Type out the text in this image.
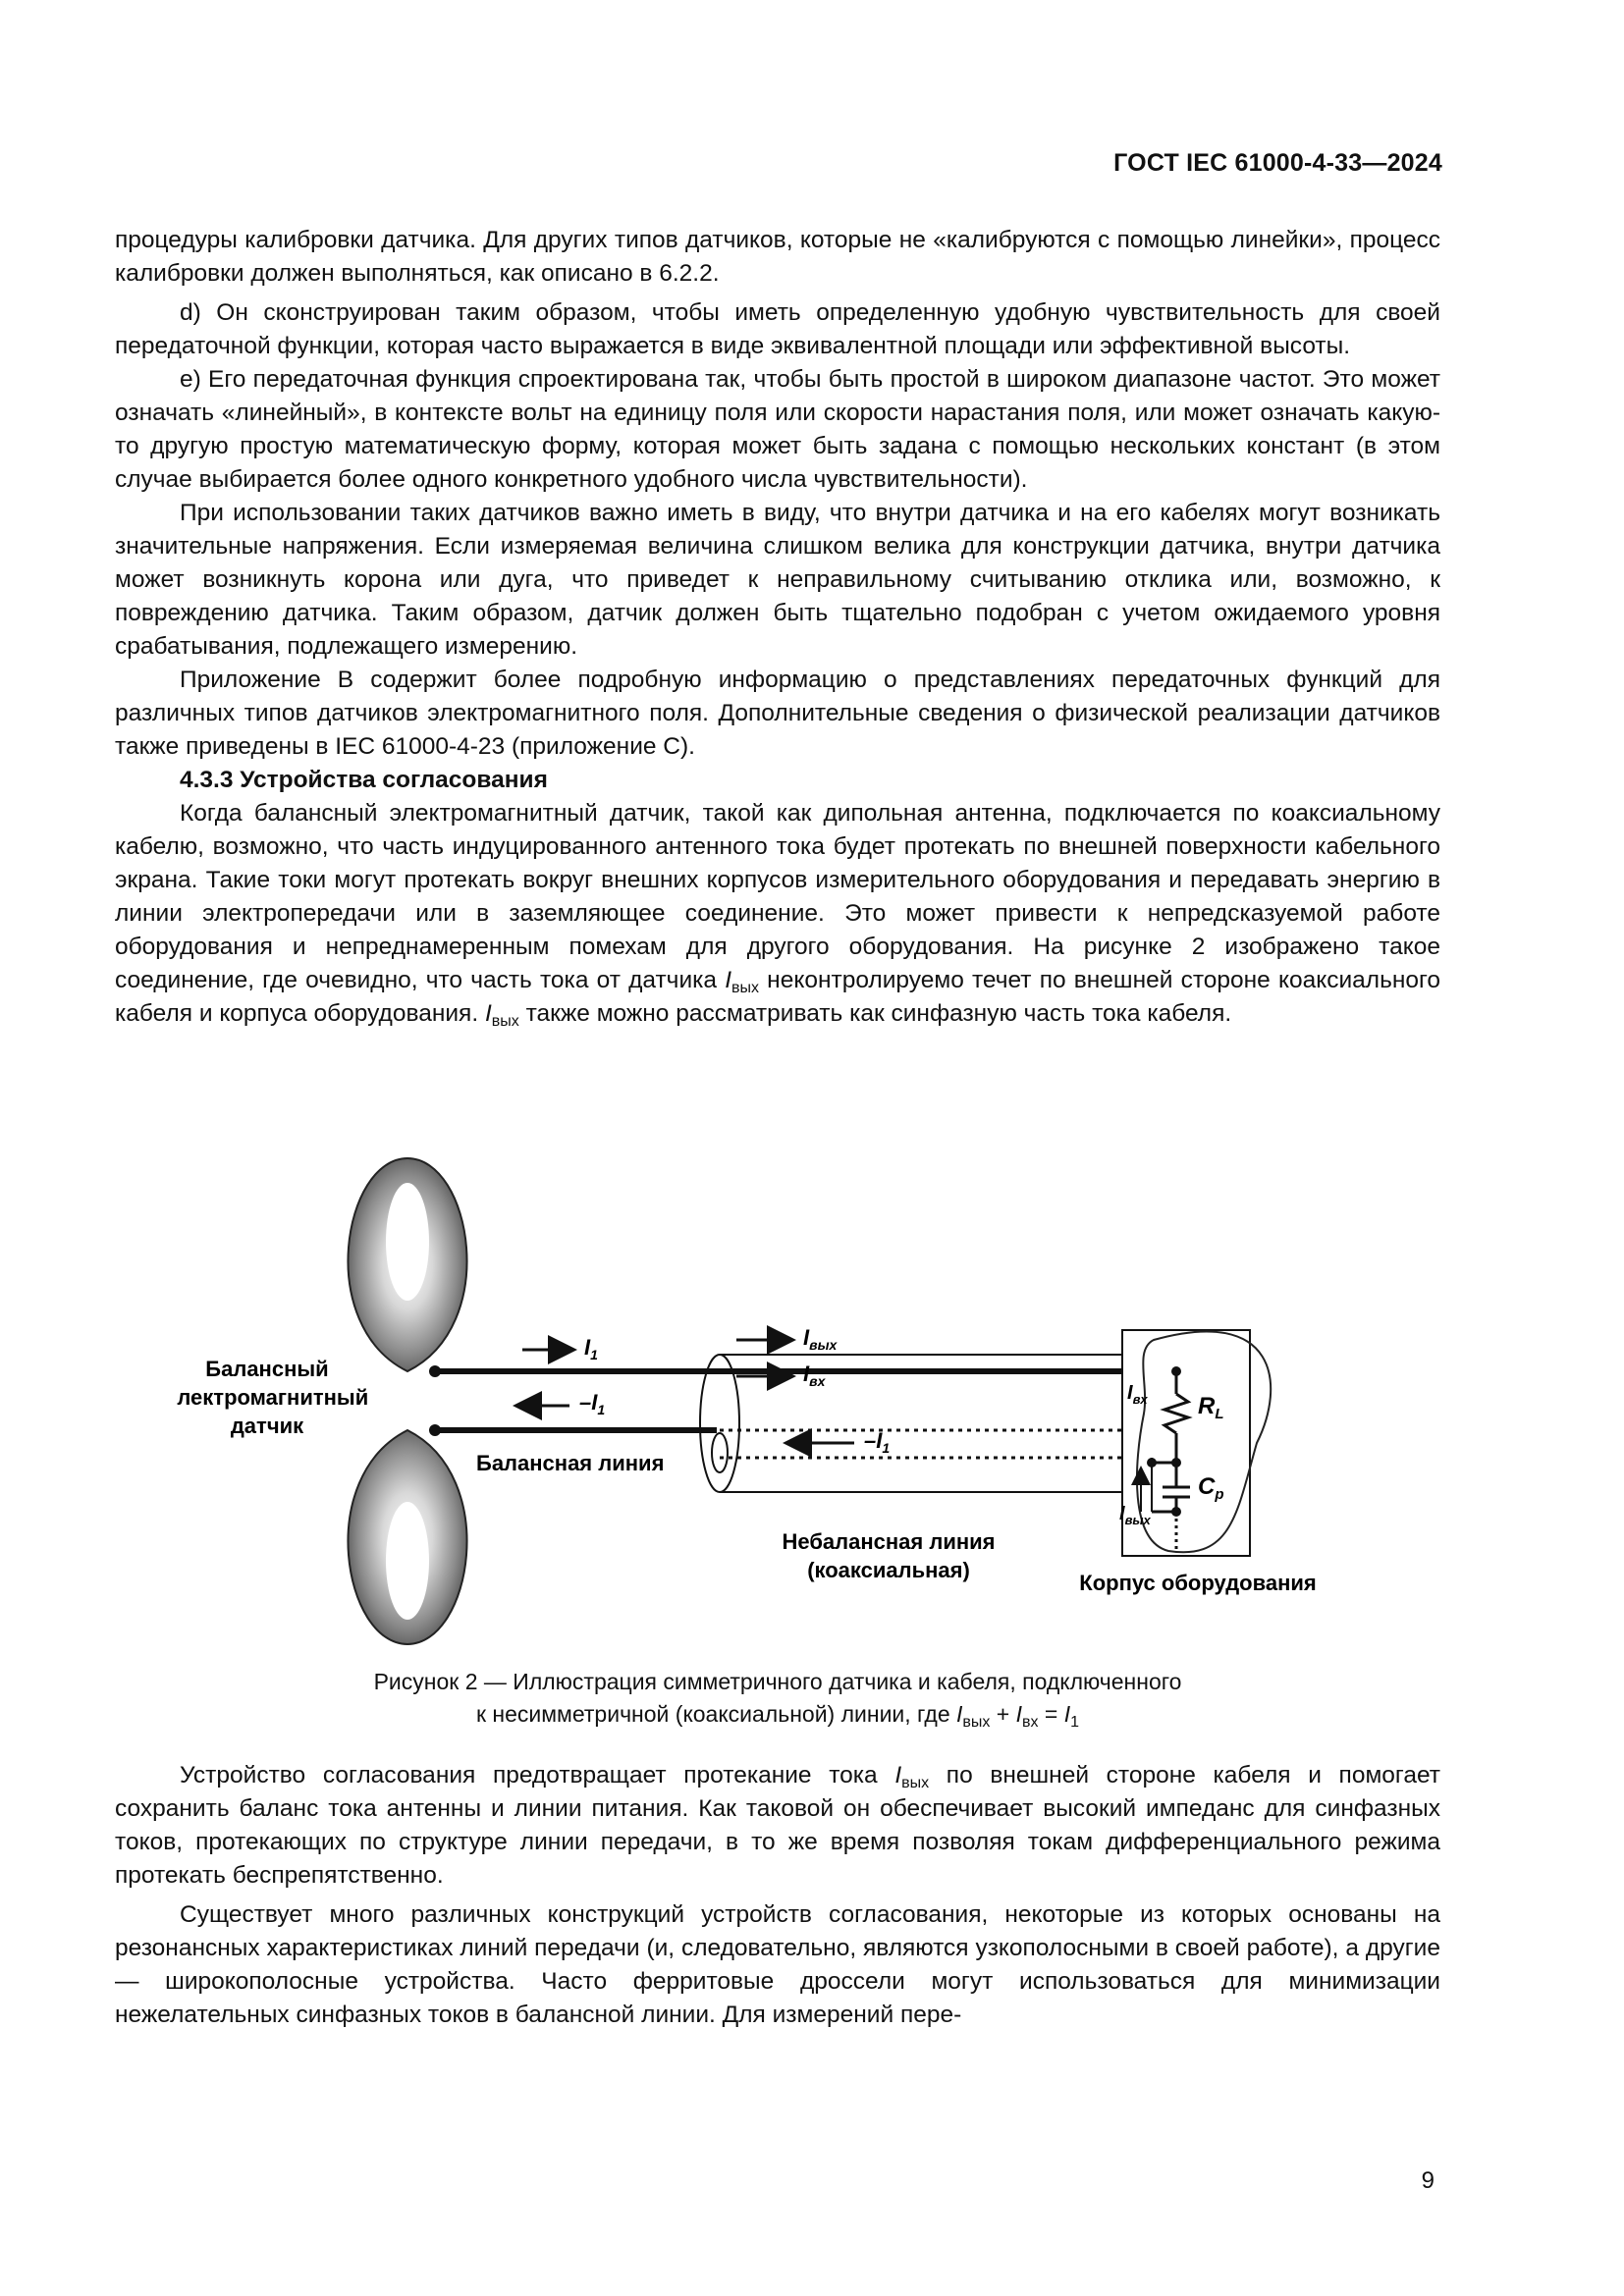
ГОСТ IEC 61000-4-33—2024

процедуры калибровки датчика. Для других типов датчиков, которые не «калибруются с помощью линейки», процесс калибровки должен выполняться, как описано в 6.2.2.

d) Он сконструирован таким образом, чтобы иметь определенную удобную чувствительность для своей передаточной функции, которая часто выражается в виде эквивалентной площади или эффективной высоты.

e) Его передаточная функция спроектирована так, чтобы быть простой в широком диапазоне частот. Это может означать «линейный», в контексте вольт на единицу поля или скорости нарастания поля, или может означать какую-то другую простую математическую форму, которая может быть задана с помощью нескольких констант (в этом случае выбирается более одного конкретного удобного числа чувствительности).

При использовании таких датчиков важно иметь в виду, что внутри датчика и на его кабелях могут возникать значительные напряжения. Если измеряемая величина слишком велика для конструкции датчика, внутри датчика может возникнуть корона или дуга, что приведет к неправильному считыванию отклика или, возможно, к повреждению датчика. Таким образом, датчик должен быть тщательно подобран с учетом ожидаемого уровня срабатывания, подлежащего измерению.

Приложение B содержит более подробную информацию о представлениях передаточных функций для различных типов датчиков электромагнитного поля. Дополнительные сведения о физической реализации датчиков также приведены в IEC 61000-4-23 (приложение C).

4.3.3 Устройства согласования

Когда балансный электромагнитный датчик, такой как дипольная антенна, подключается по коаксиальному кабелю, возможно, что часть индуцированного антенного тока будет протекать по внешней поверхности кабельного экрана. Такие токи могут протекать вокруг внешних корпусов измерительного оборудования и передавать энергию в линии электропередачи или в заземляющее соединение. Это может привести к непредсказуемой работе оборудования и непреднамеренным помехам для другого оборудования. На рисунке 2 изображено такое соединение, где очевидно, что часть тока от датчика $I_{вых}$ неконтролируемо течет по внешней стороне коаксиального кабеля и корпуса оборудования. $I_{вых}$ также можно рассматривать как синфазную часть тока кабеля.

Балансный
электромагнитный
датчик
Балансная линия
Небалансная линия
(коаксиальная)
Корпус оборудования
$I_1$
$-I_1$
$I_{вых}$
$I_{вх}$
$-I_1$
$I_{вх}$
$I_{вых}$
$R_L$
$C_p$
Рисунок 2 — Иллюстрация симметричного датчика и кабеля, подключенного
к несимметричной (коаксиальной) линии, где $I_{вых} + I_{вх} = I_1$

Устройство согласования предотвращает протекание тока $I_{вых}$ по внешней стороне кабеля и помогает сохранить баланс тока антенны и линии питания. Как таковой он обеспечивает высокий импеданс для синфазных токов, протекающих по структуре линии передачи, в то же время позволяя токам дифференциального режима протекать беспрепятственно.

Существует много различных конструкций устройств согласования, некоторые из которых основаны на резонансных характеристиках линий передачи (и, следовательно, являются узкополосными в своей работе), а другие — широкополосные устройства. Часто ферритовые дроссели могут использоваться для минимизации нежелательных синфазных токов в балансной линии. Для измерений пере-

9
